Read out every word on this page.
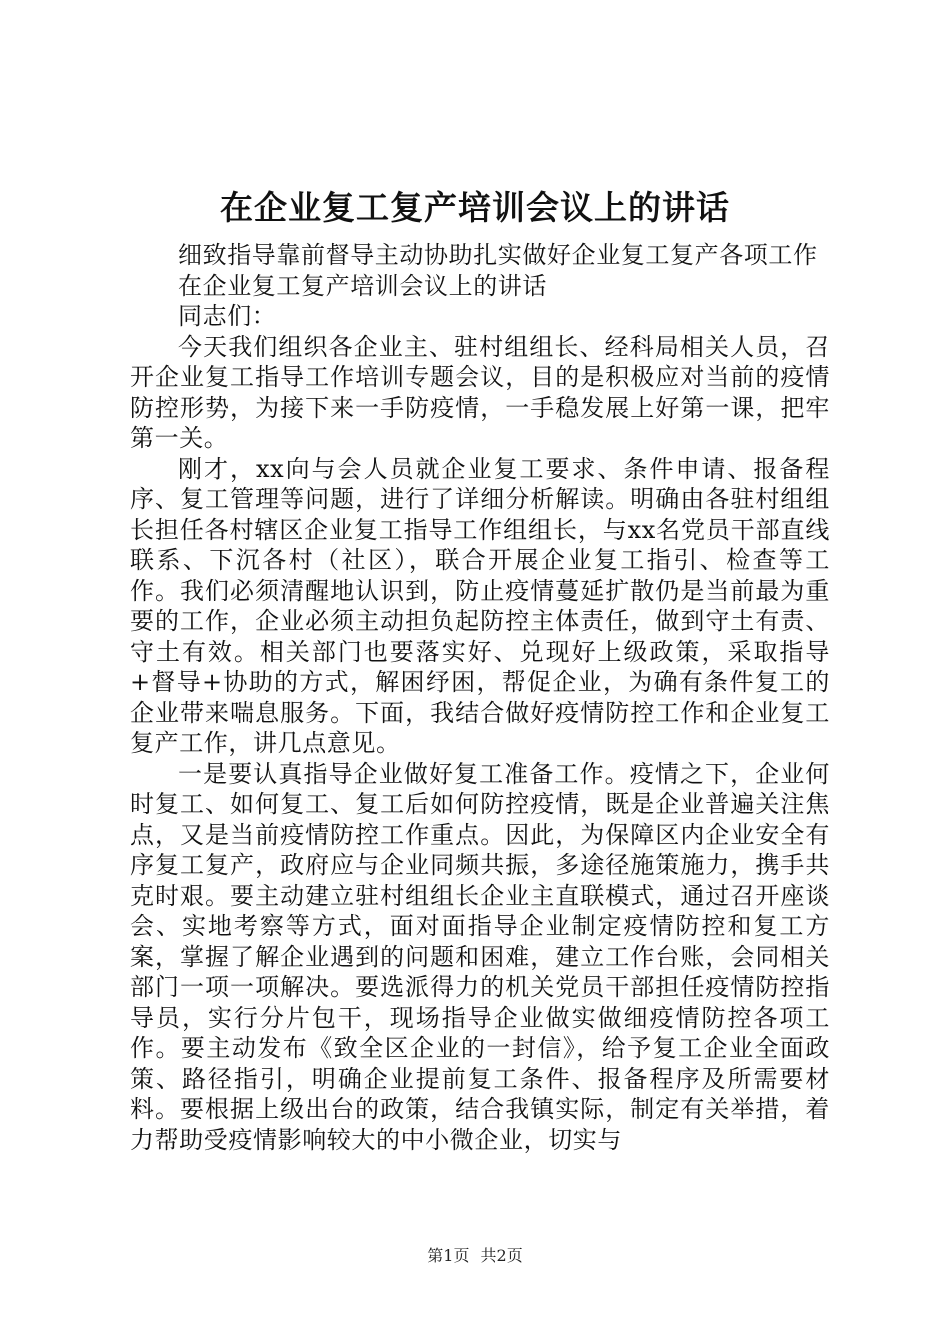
在企业复工复产培训会议上的讲话

细致指导靠前督导主动协助扎实做好企业复工复产各项工作

在企业复工复产培训会议上的讲话

同志们：

今天我们组织各企业主、驻村组组长、经科局相关人员，召开企业复工指导工作培训专题会议，目的是积极应对当前的疫情防控形势，为接下来一手防疫情，一手稳发展上好第一课，把牢第一关。

刚才，xx向与会人员就企业复工要求、条件申请、报备程序、复工管理等问题，进行了详细分析解读。明确由各驻村组组长担任各村辖区企业复工指导工作组组长，与xx名党员干部直线联系、下沉各村（社区），联合开展企业复工指引、检查等工作。我们必须清醒地认识到，防止疫情蔓延扩散仍是当前最为重要的工作，企业必须主动担负起防控主体责任，做到守土有责、守土有效。相关部门也要落实好、兑现好上级政策，采取指导+督导+协助的方式，解困纾困，帮促企业，为确有条件复工的企业带来喘息服务。下面，我结合做好疫情防控工作和企业复工复产工作，讲几点意见。

一是要认真指导企业做好复工准备工作。疫情之下，企业何时复工、如何复工、复工后如何防控疫情，既是企业普遍关注焦点，又是当前疫情防控工作重点。因此，为保障区内企业安全有序复工复产，政府应与企业同频共振，多途径施策施力，携手共克时艰。要主动建立驻村组组长企业主直联模式，通过召开座谈会、实地考察等方式，面对面指导企业制定疫情防控和复工方案，掌握了解企业遇到的问题和困难，建立工作台账，会同相关部门一项一项解决。要选派得力的机关党员干部担任疫情防控指导员，实行分片包干，现场指导企业做实做细疫情防控各项工作。要主动发布《致全区企业的一封信》，给予复工企业全面政策、路径指引，明确企业提前复工条件、报备程序及所需要材料。要根据上级出台的政策，结合我镇实际，制定有关举措，着力帮助受疫情影响较大的中小微企业，切实与

第1页 共2页
